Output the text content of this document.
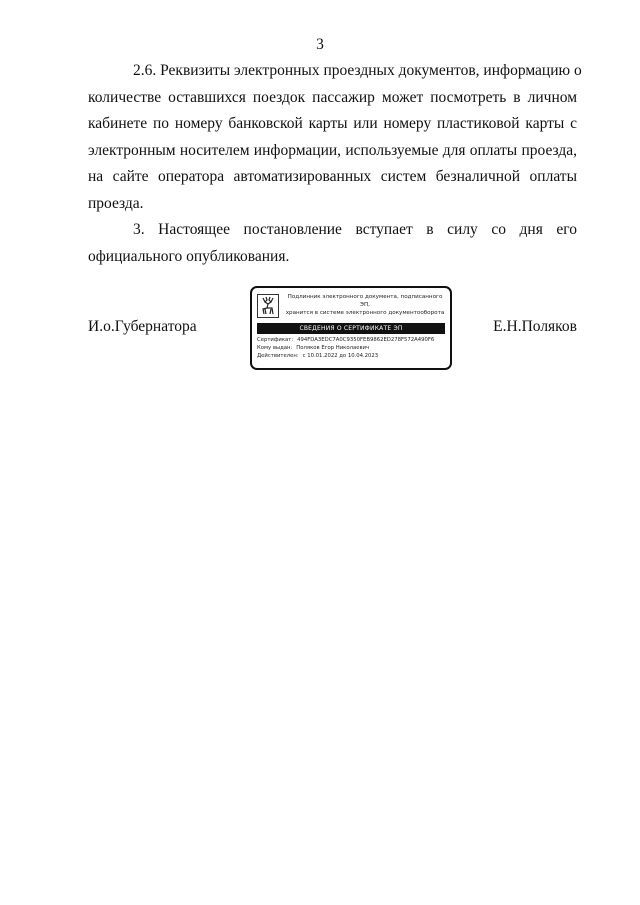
3
2.6. Реквизиты электронных проездных документов, информацию о
количестве оставшихся поездок пассажир может посмотреть в личном
кабинете по номеру банковской карты или номеру пластиковой карты с
электронным носителем информации, используемые для оплаты проезда,
на сайте оператора автоматизированных систем безналичной оплаты
проезда.
3. Настоящее постановление вступает в силу со дня его
официального опубликования.
И.о.Губернатора	Е.Н.Поляков
Подлинник электронного документа, подписанного ЭП,
хранится в системе электронного документооборота
СВЕДЕНИЯ О СЕРТИФИКАТЕ ЭП
Сертификат: 494FDA3EDC7A0C9350FEB9862ED278F572A490F6
Кому выдан: Поляков Егор Николаевич
Действителен: с 10.01.2022 до 10.04.2023
